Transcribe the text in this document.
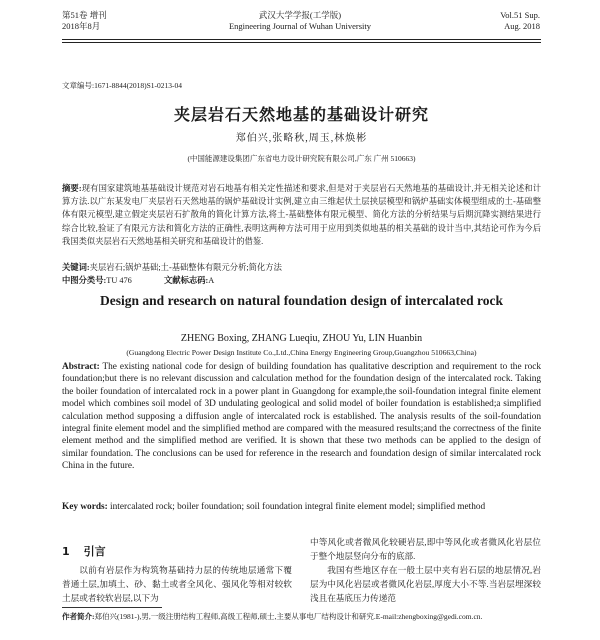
第51卷 增刊
2018年8月
武汉大学学报(工学版)
Engineering Journal of Wuhan University
Vol.51 Sup.
Aug. 2018
文章编号:1671-8844(2018)S1-0213-04
夹层岩石天然地基的基础设计研究
郑伯兴,张略秋,周玉,林焕彬
(中国能源建设集团广东省电力设计研究院有限公司,广东 广州 510663)
摘要:现有国家建筑地基基础设计规范对岩石地基有相关定性描述和要求,但是对于夹层岩石天然地基的基础设计,并无相关论述和计算方法.以广东某发电厂夹层岩石天然地基的锅炉基础设计实例,建立由三维起伏土层挟层模型和锅炉基础实体模型组成的土-基础整体有限元模型,建立假定夹层岩石扩散角的简化计算方法,将土-基础整体有限元模型、简化方法的分析结果与后期沉降实测结果进行综合比较,验证了有限元方法和简化方法的正确性,表明这两种方法可用于应用到类似地基的相关基础的设计当中,其结论可作为今后我国类似夹层岩石天然地基相关研究和基础设计的借鉴.
关键词:夹层岩石;锅炉基础;土-基础整体有限元分析;简化方法
中图分类号:TU 476	文献标志码:A
Design and research on natural foundation design of intercalated rock
ZHENG Boxing, ZHANG Lueqiu, ZHOU Yu, LIN Huanbin
(Guangdong Electric Power Design Institute Co.,Ltd.,China Energy Engineering Group,Guangzhou 510663,China)
Abstract: The existing national code for design of building foundation has qualitative description and requirement to the rock foundation;but there is no relevant discussion and calculation method for the foundation design of the intercalated rock. Taking the boiler foundation of intercalated rock in a power plant in Guangdong for example,the soil-foundation integral finite element model which combines soil model of 3D undulating geological and solid model of boiler foundation is established;a simplified calculation method supposing a diffusion angle of intercalated rock is established. The analysis results of the soil-foundation integral finite element model and the simplified method are compared with the measured results;and the correctness of the finite element method and the simplified method are verified. It is shown that these two methods can be applied to the design of similar foundation. The conclusions can be used for reference in the research and foundation design of similar intercalated rock China in the future.
Key words: intercalated rock; boiler foundation; soil foundation integral finite element model; simplified method
1 引言
以前有岩层作为构筑物基础持力层的传统地层通常下覆普通土层,加填土、砂、黏土或者全风化、强风化等相对较软土层或者较软岩层,以下为

中等风化或者微风化较硬岩层,即中等风化或者微风化岩层位于整个地层竖向分布的底部.

我国有些地区存在一般土层中夹有岩石层的地层情况,岩层为中风化岩层或者微风化岩层,厚度大小不等.当岩层埋深较浅且在基底压力传递范

作者简介:郑伯兴(1981-),男,一级注册结构工程师,高级工程师,硕士,主要从事电厂结构设计和研究.E-mail:zhengboxing@gedi.com.cn.
